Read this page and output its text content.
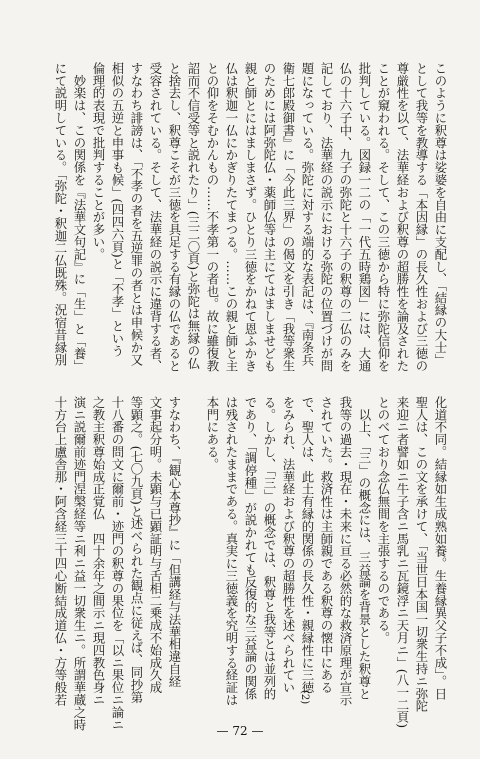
このように釈尊は娑婆を自由に支配し、「結縁の大士」
として我等を教導する「本因縁」の長久性および三徳の
尊厳性を以て、法華経および釈尊の超勝性を論及された
ことが窺われる。そして、この三徳から特に弥陀信仰を
批判している。図録一二の「一代五時鶏図」には、大通
仏の十六子中、九子の弥陀と十六子の釈尊の二仏のみを
記しており、法華経の説示における弥陀の位置づけが問
題になっている。弥陀に対する端的な表記は、『南条兵
衛七郎殿御書』に「今此三界」の偈文を引き「我等衆生
のためには阿弥陀仏・薬師仏等は主にてはましませども
親と師とにはましまさず。ひとり三徳をかねて恩ふかき
仏は釈迦一仏にかぎりたてまつる。……この親と師と主
との仰をそむかんもの……不孝第一の者也。故に雖復教
詔而不信受等と説れたり」(三二〇頁)と弥陀は無縁の仏
と捨去し、釈尊こそが三徳を具足する有縁の仏であると
受容されている。そして、法華経の説示に違背する者、
すなわち誹謗は、「不孝の者を五逆罪の者とは申候か又
相似の五逆と申事も候」(四四六頁)と「不孝」という
倫理的表現で批判することが多い。
　妙楽は、この関係を『法華文句記』に「生」と「養」
にて説明している。「弥陀・釈迦二仏既殊。況宿昔縁別
化道不同。結縁如生成熟如養。生養縁異父子不成」。日
聖人は、この文を承けて、「当世日本国一切衆生持ニ弥陀
来迎ニ者譬如ニ牛子含ニ馬乳ニ瓦鏡浮ニ天月ニ」(八一二頁)
とのべており念仏無間を主張するのである。
　以上、「三」の概念には、三益論を背景とした釈尊と
我等の過去・現在・未来に亘る必然的な救済原理が宣示
されていた。救済性は主師親である釈尊の懐中にある
で、聖人は、此土有縁的関係の長久性・親縁性に三徳
をみられ、法華経および釈尊の超勝性を述べられてい
る。しかし、「三」の概念では、釈尊と我等とは並列的
であり、「調停種」が説かれても反復的な三益論の関係
は残されたままである。真実に三徳義を究明する経証は
本門にある。
すなわち、『観心本尊抄』に「但講経与法華相違自経
文事起分明。未顕与已顕証明与舌相二乗成不始成久成
等顕之。(七〇九頁)と述べられた観点に従えば、同抄第
十八番の問文に爾前・迹門の釈尊の果位を「以ニ果位ニ論ニ
之教主釈尊始成正覚仏　四十余年之間示ニ現四教色身ニ
演ニ説爾前迹門涅槃経等ニ利ニ益一切衆生ニ。所謂華蔵之時
十方台上盧舎那・阿含経三十四心断結成道仏・方等般若	(2)
— 72 —
